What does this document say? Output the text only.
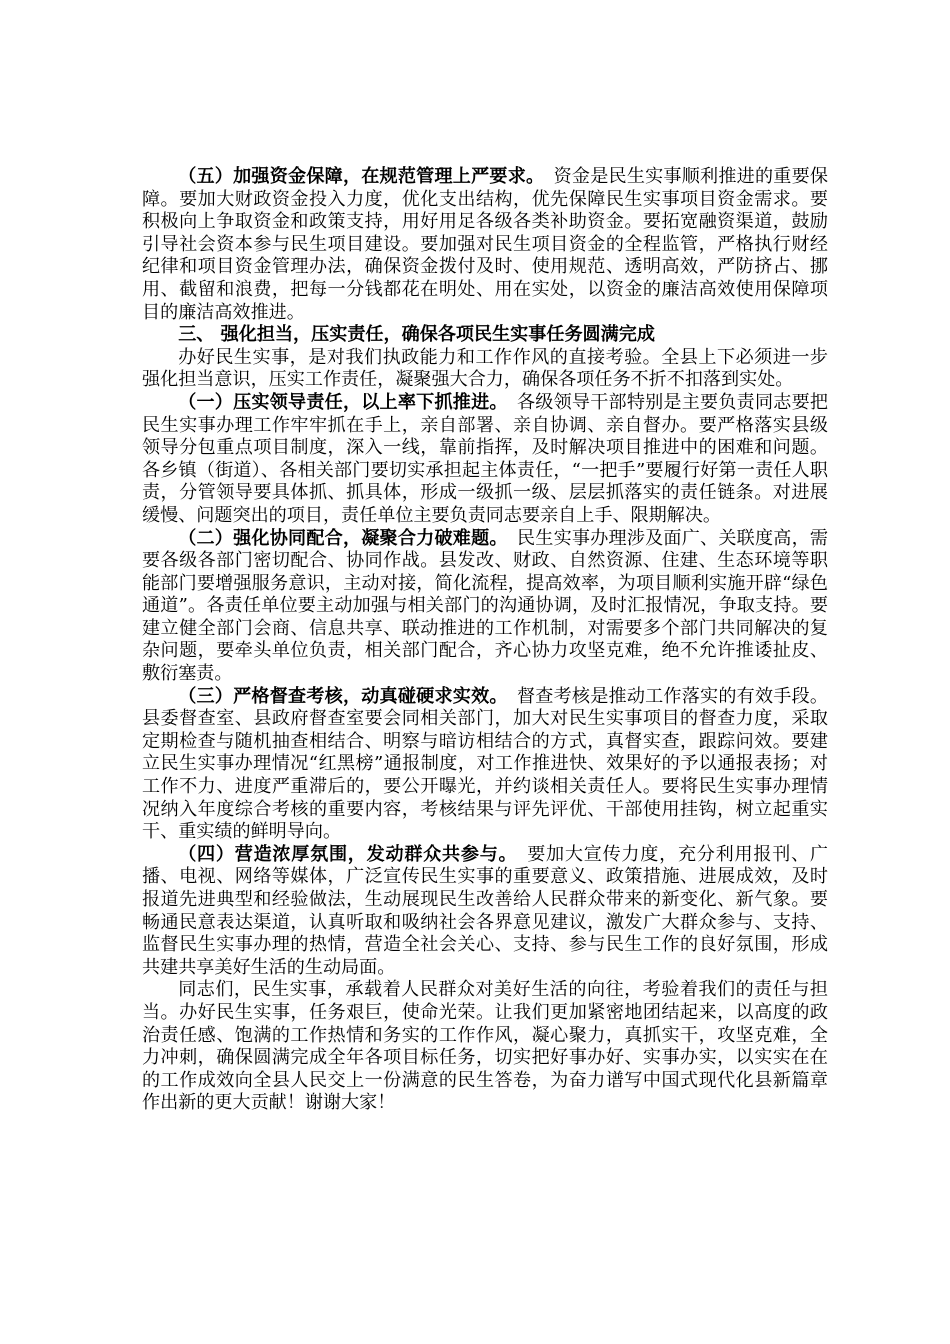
（五）加强资金保障，在规范管理上严要求。 资金是民生实事顺利推进的重要保障。要加大财政资金投入力度，优化支出结构，优先保障民生实事项目资金需求。要积极向上争取资金和政策支持，用好用足各级各类补助资金。要拓宽融资渠道，鼓励引导社会资本参与民生项目建设。要加强对民生项目资金的全程监管，严格执行财经纪律和项目资金管理办法，确保资金拨付及时、使用规范、透明高效，严防挤占、挪用、截留和浪费，把每一分钱都花在明处、用在实处，以资金的廉洁高效使用保障项目的廉洁高效推进。

三、 强化担当，压实责任，确保各项民生实事任务圆满完成

办好民生实事，是对我们执政能力和工作作风的直接考验。全县上下必须进一步强化担当意识，压实工作责任，凝聚强大合力，确保各项任务不折不扣落到实处。

（一）压实领导责任，以上率下抓推进。 各级领导干部特别是主要负责同志要把民生实事办理工作牢牢抓在手上，亲自部署、亲自协调、亲自督办。要严格落实县级领导分包重点项目制度，深入一线，靠前指挥，及时解决项目推进中的困难和问题。各乡镇（街道）、各相关部门要切实承担起主体责任，“一把手”要履行好第一责任人职责，分管领导要具体抓、抓具体，形成一级抓一级、层层抓落实的责任链条。对进展缓慢、问题突出的项目，责任单位主要负责同志要亲自上手、限期解决。

（二）强化协同配合，凝聚合力破难题。 民生实事办理涉及面广、关联度高，需要各级各部门密切配合、协同作战。县发改、财政、自然资源、住建、生态环境等职能部门要增强服务意识，主动对接，简化流程，提高效率，为项目顺利实施开辟“绿色通道”。各责任单位要主动加强与相关部门的沟通协调，及时汇报情况，争取支持。要建立健全部门会商、信息共享、联动推进的工作机制，对需要多个部门共同解决的复杂问题，要牵头单位负责，相关部门配合，齐心协力攻坚克难，绝不允许推诿扯皮、敷衍塞责。

（三）严格督查考核，动真碰硬求实效。 督查考核是推动工作落实的有效手段。县委督查室、县政府督查室要会同相关部门，加大对民生实事项目的督查力度，采取定期检查与随机抽查相结合、明察与暗访相结合的方式，真督实查，跟踪问效。要建立民生实事办理情况“红黑榜”通报制度，对工作推进快、效果好的予以通报表扬；对工作不力、进度严重滞后的，要公开曝光，并约谈相关责任人。要将民生实事办理情况纳入年度综合考核的重要内容，考核结果与评先评优、干部使用挂钩，树立起重实干、重实绩的鲜明导向。

（四）营造浓厚氛围，发动群众共参与。 要加大宣传力度，充分利用报刊、广播、电视、网络等媒体，广泛宣传民生实事的重要意义、政策措施、进展成效，及时报道先进典型和经验做法，生动展现民生改善给人民群众带来的新变化、新气象。要畅通民意表达渠道，认真听取和吸纳社会各界意见建议，激发广大群众参与、支持、监督民生实事办理的热情，营造全社会关心、支持、参与民生工作的良好氛围，形成共建共享美好生活的生动局面。

同志们，民生实事，承载着人民群众对美好生活的向往，考验着我们的责任与担当。办好民生实事，任务艰巨，使命光荣。让我们更加紧密地团结起来，以高度的政治责任感、饱满的工作热情和务实的工作作风，凝心聚力，真抓实干，攻坚克难，全力冲刺，确保圆满完成全年各项目标任务，切实把好事办好、实事办实，以实实在在的工作成效向全县人民交上一份满意的民生答卷，为奋力谱写中国式现代化县新篇章作出新的更大贡献！谢谢大家！
